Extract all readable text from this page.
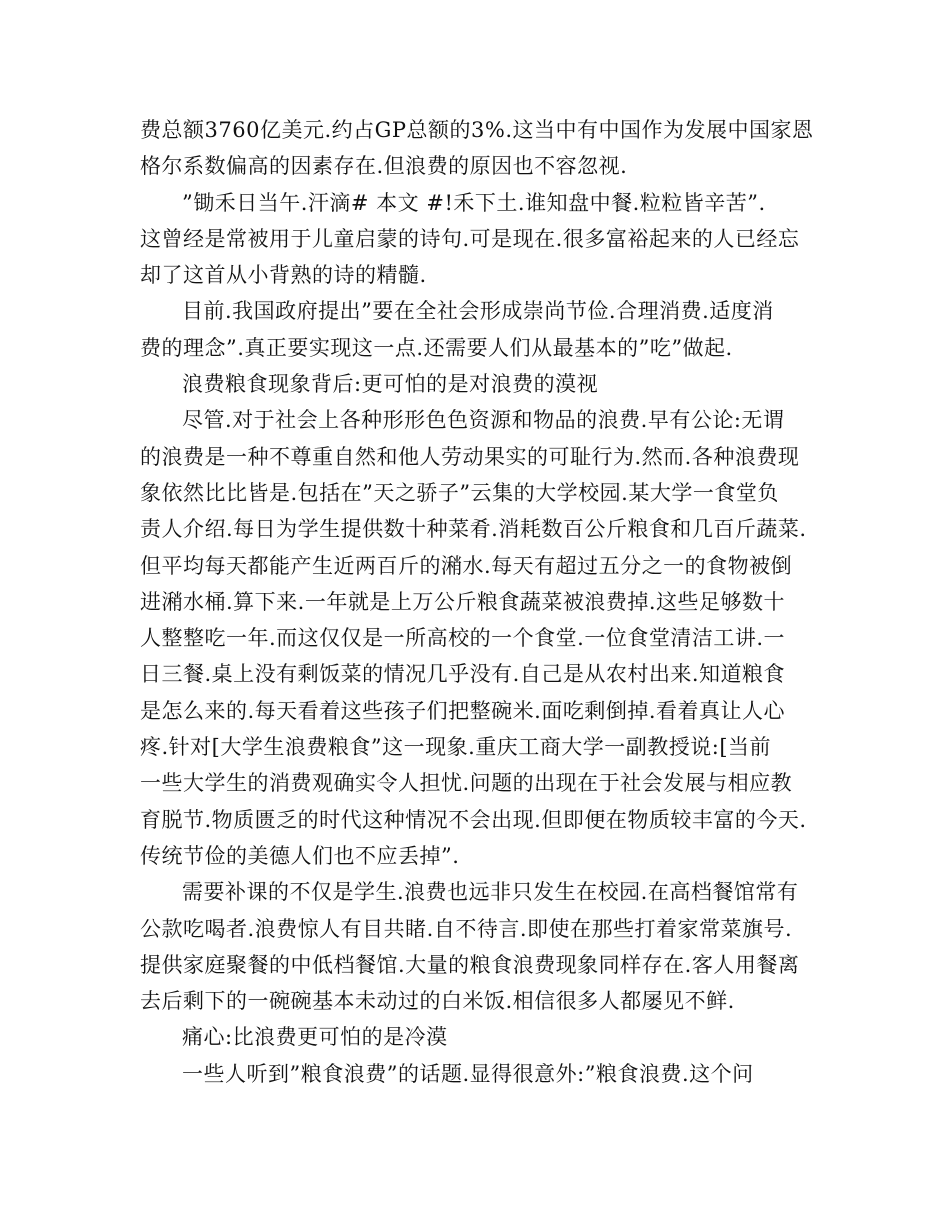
费总额3760亿美元.约占GP总额的3%.这当中有中国作为发展中国家恩
格尔系数偏高的因素存在.但浪费的原因也不容忽视.
”锄禾日当午.汗滴# 本文 #!禾下土.谁知盘中餐.粒粒皆辛苦”.
这曾经是常被用于儿童启蒙的诗句.可是现在.很多富裕起来的人已经忘
却了这首从小背熟的诗的精髓.
目前.我国政府提出”要在全社会形成崇尚节俭.合理消费.适度消
费的理念”.真正要实现这一点.还需要人们从最基本的”吃”做起.
浪费粮食现象背后:更可怕的是对浪费的漠视
尽管.对于社会上各种形形色色资源和物品的浪费.早有公论:无谓
的浪费是一种不尊重自然和他人劳动果实的可耻行为.然而.各种浪费现
象依然比比皆是.包括在”天之骄子”云集的大学校园.某大学一食堂负
责人介绍.每日为学生提供数十种菜肴.消耗数百公斤粮食和几百斤蔬菜.
但平均每天都能产生近两百斤的潲水.每天有超过五分之一的食物被倒
进潲水桶.算下来.一年就是上万公斤粮食蔬菜被浪费掉.这些足够数十
人整整吃一年.而这仅仅是一所高校的一个食堂.一位食堂清洁工讲.一
日三餐.桌上没有剩饭菜的情况几乎没有.自己是从农村出来.知道粮食
是怎么来的.每天看着这些孩子们把整碗米.面吃剩倒掉.看着真让人心
疼.针对[大学生浪费粮食”这一现象.重庆工商大学一副教授说:[当前
一些大学生的消费观确实令人担忧.问题的出现在于社会发展与相应教
育脱节.物质匮乏的时代这种情况不会出现.但即便在物质较丰富的今天.
传统节俭的美德人们也不应丢掉”.
需要补课的不仅是学生.浪费也远非只发生在校园.在高档餐馆常有
公款吃喝者.浪费惊人有目共睹.自不待言.即使在那些打着家常菜旗号.
提供家庭聚餐的中低档餐馆.大量的粮食浪费现象同样存在.客人用餐离
去后剩下的一碗碗基本未动过的白米饭.相信很多人都屡见不鲜.
痛心:比浪费更可怕的是冷漠
一些人听到”粮食浪费”的话题.显得很意外:”粮食浪费.这个问
